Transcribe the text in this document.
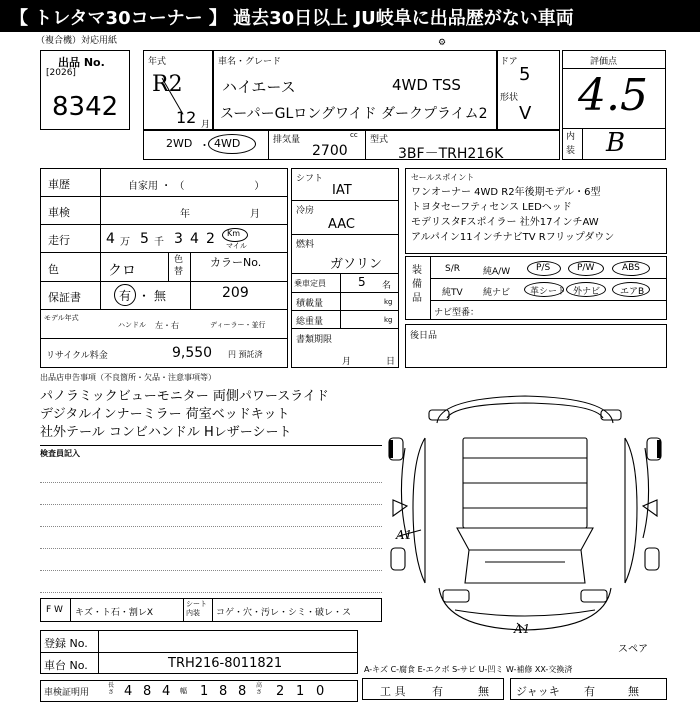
【 トレタマ30コーナー 】 過去30日以上 JU岐阜に出品歴がない車両
（複合機）対応用紙	⚙
出品 No.
[2026]
8342
年式
R2
12 月
車名・グレード
ハイエース	4WD TSS
スーパーGLロングワイド ダークプライム2
ドア
5
形状
V
評価点
4.5
内装 B
2WD ・ 4WD	排気量	cc
2700
型式
3BF－TRH216K
車歴	自家用 ・ （　　　　　　　）
車検	年	月
走行	4 万 5 千 3 4 2 Km
マイル
色	クロ
色替
カラーNo.
209
保証書	有 ・ 無
モデル年式
ハンドル 左・右	ディーラー・並行
リサイクル料金	9,550 円 預託済
シフト
IAT
冷房
AAC
燃料
ガソリン
乗車定員	5 名
積載量	kg
総重量	kg
書類期限
月	日
セールスポイント
ワンオーナー 4WD R2年後期モデル・6型
トヨタセーフティセンス LEDヘッド
モデリスタFスポイラー 社外17インチAW
アルパイン11インチナビTV Rフリップダウン
装備品
S/R	純A/W	P/S	P/W	ABS
純TV 純ナビ 革シート 外ナビ エアB
ナビ型番：
後日品
出品店申告事項（不良箇所・欠品・注意事項等）
パノラミックビューモニター 両側パワースライド
デジタルインナーミラー 荷室ベッドキット
社外テール コンビハンドル Hレザーシート
検査員記入
A1
A1
スペア
F W キズ・ト石・割レX
シート内装	コゲ・穴・汚レ・シミ・破レ・ス
登録 No.
車台 No.	TRH216-8011821	A-キズ C-腐食 E-エクボ S-サビ U-凹ミ W-補修 XX-交換済
車検証明用
長さ 4 8 4 幅 1 8 8 高さ	2 1 0	工 具 有	無 ジャッキ 有	無
